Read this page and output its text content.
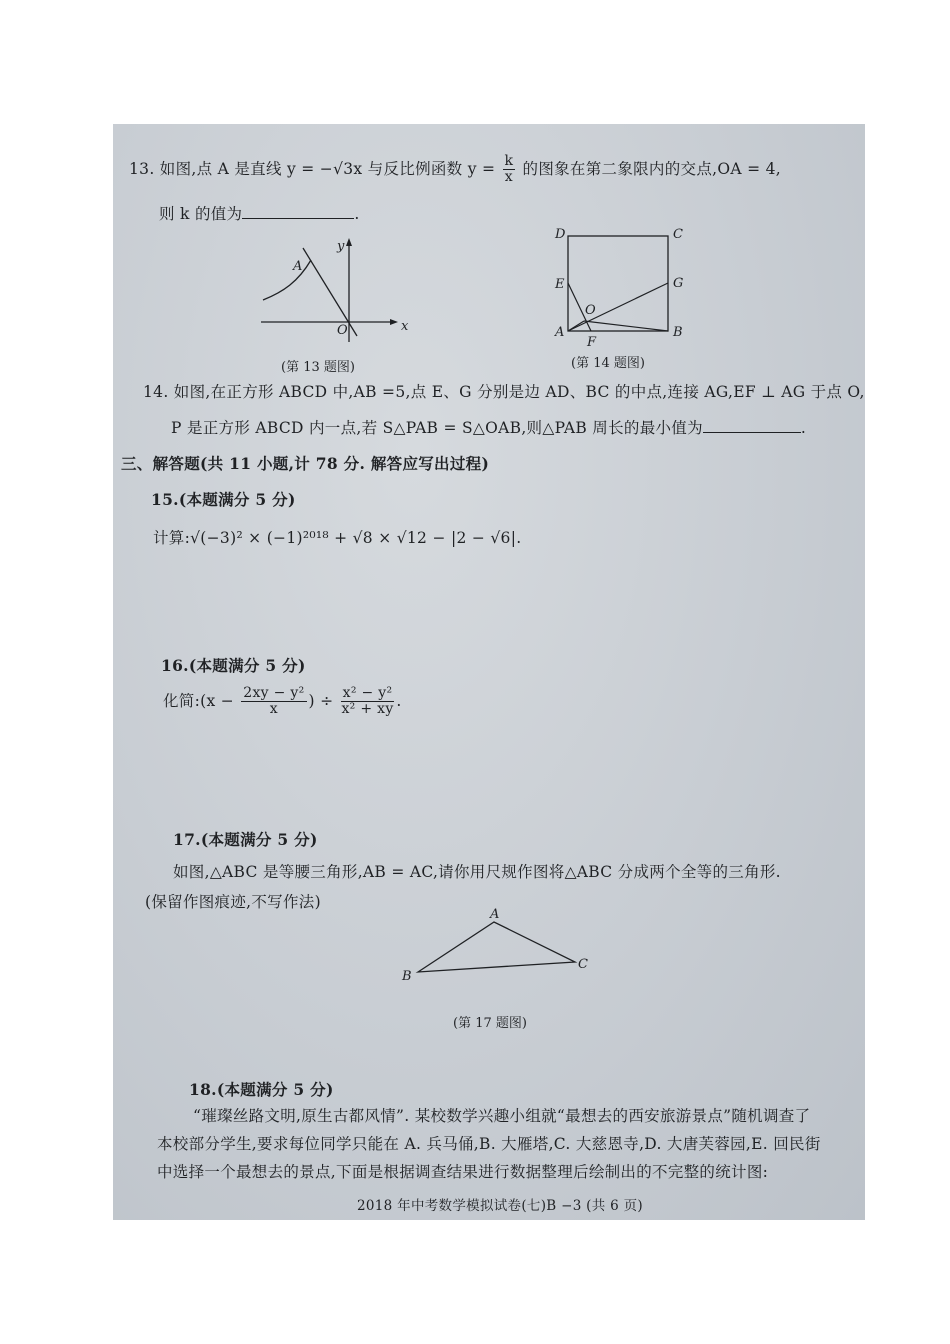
13. 如图,点 A 是直线 y = −√3x 与反比例函数 $y = \frac{k}{x}$ 的图象在第二象限内的交点,OA = 4,
则 k 的值为	.
A
O	x
y
(第 13 题图)
D	C
E	G
O
A	B
F
(第 14 题图)
14. 如图,在正方形 ABCD 中,AB =5,点 E、G 分别是边 AD、BC 的中点,连接 AG,EF ⊥ AG 于点 O,
P 是正方形 ABCD 内一点,若 S△PAB = S△OAB,则△PAB 周长的最小值为	.
三、解答题(共 11 小题,计 78 分. 解答应写出过程)
15.(本题满分 5 分)
计算:√(−3)² × (−1)²⁰¹⁸ + √8 × √12 − |2 − √6|.
16.(本题满分 5 分)
化简:(x − $\frac{\text{2xy − y²}}{x}$ ) ÷ $\frac{\text{x² − y²}}{\text{x² + xy}}$ .
17.(本题满分 5 分)
如图,△ABC 是等腰三角形,AB = AC,请你用尺规作图将△ABC 分成两个全等的三角形.
(保留作图痕迹,不写作法)
A
B
C
(第 17 题图)
18.(本题满分 5 分)
“璀璨丝路文明,原生古都风情”. 某校数学兴趣小组就“最想去的西安旅游景点”随机调查了
本校部分学生,要求每位同学只能在 A. 兵马俑,B. 大雁塔,C. 大慈恩寺,D. 大唐芙蓉园,E. 回民街
中选择一个最想去的景点,下面是根据调查结果进行数据整理后绘制出的不完整的统计图:
2018 年中考数学模拟试卷(七)B −3 (共 6 页)
